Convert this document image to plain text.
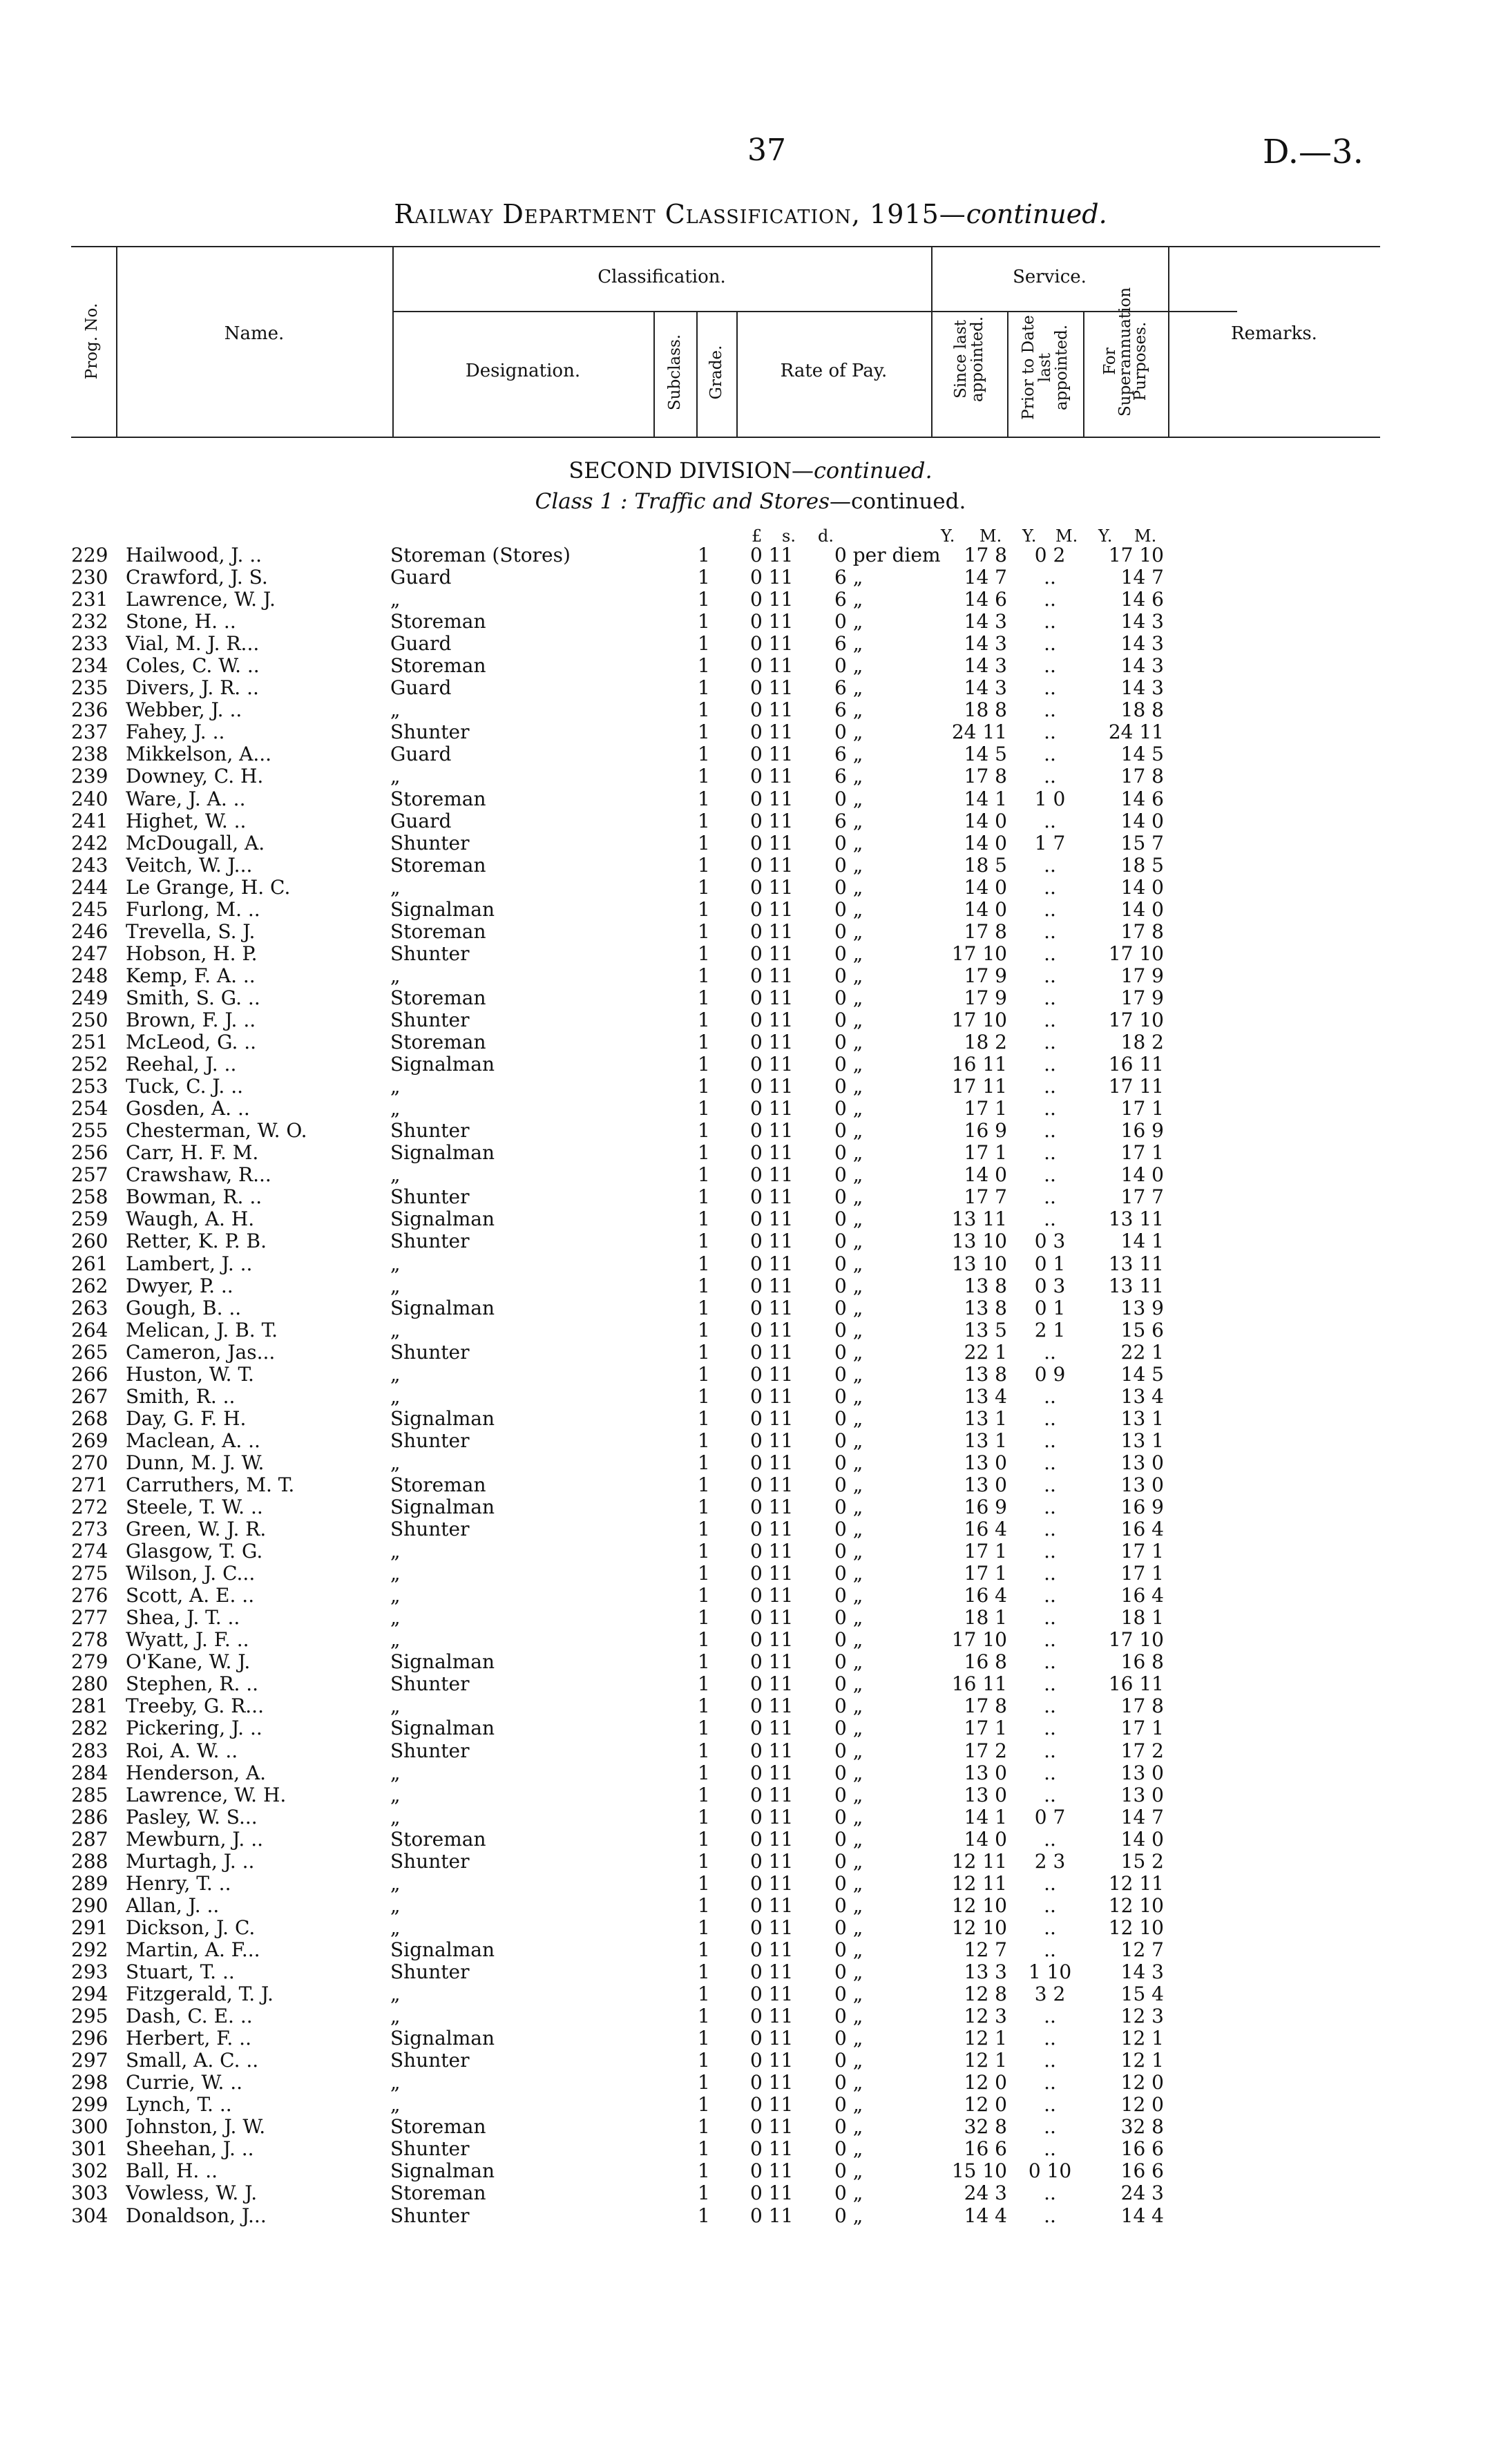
37	D.—3.
Railway Department Classification, 1915—continued.
Prog. No.	Name.
Classification.
Designation.	Subclass. Grade.	Rate of Pay.
Service.
Since last appointed. Prior to Date last appointed. For Superannuation Purposes.	Remarks.
SECOND DIVISION—continued.
Class 1 : Traffic and Stores—continued.
£ s. d.	Y. M. Y. M. Y. M.
229 Hailwood, J. ..	Storeman (Stores)	1 0 11 0 per diem	17 8	0 2	17 10
230 Crawford, J. S.	Guard	1 0 11 6 „	14 7	..	14 7
231 Lawrence, W. J.	„	1 0 11 6 „	14 6	..	14 6
232 Stone, H. ..	Storeman	1 0 11 0 „	14 3	..	14 3
233 Vial, M. J. R...	Guard	1 0 11 6 „	14 3	..	14 3
234 Coles, C. W. ..	Storeman	1 0 11 0 „	14 3	..	14 3
235 Divers, J. R. ..	Guard	1 0 11 6 „	14 3	..	14 3
236 Webber, J. ..	„	1 0 11 6 „	18 8	..	18 8
237 Fahey, J. ..	Shunter	1 0 11 0 „	24 11	..	24 11
238 Mikkelson, A...	Guard	1 0 11 6 „	14 5	..	14 5
239 Downey, C. H.	„	1 0 11 6 „	17 8	..	17 8
240 Ware, J. A. ..	Storeman	1 0 11 0 „	14 1	1 0	14 6
241 Highet, W. ..	Guard	1 0 11 6 „	14 0	..	14 0
242 McDougall, A.	Shunter	1 0 11 0 „	14 0	1 7	15 7
243 Veitch, W. J...	Storeman	1 0 11 0 „	18 5	..	18 5
244 Le Grange, H. C.	„	1 0 11 0 „	14 0	..	14 0
245 Furlong, M. ..	Signalman	1 0 11 0 „	14 0	..	14 0
246 Trevella, S. J.	Storeman	1 0 11 0 „	17 8	..	17 8
247 Hobson, H. P.	Shunter	1 0 11 0 „	17 10	..	17 10
248 Kemp, F. A. ..	„	1 0 11 0 „	17 9	..	17 9
249 Smith, S. G. ..	Storeman	1 0 11 0 „	17 9	..	17 9
250 Brown, F. J. ..	Shunter	1 0 11 0 „	17 10	..	17 10
251 McLeod, G. ..	Storeman	1 0 11 0 „	18 2	..	18 2
252 Reehal, J. ..	Signalman	1 0 11 0 „	16 11	..	16 11
253 Tuck, C. J. ..	„	1 0 11 0 „	17 11	..	17 11
254 Gosden, A. ..	„	1 0 11 0 „	17 1	..	17 1
255 Chesterman, W. O.	Shunter	1 0 11 0 „	16 9	..	16 9
256 Carr, H. F. M.	Signalman	1 0 11 0 „	17 1	..	17 1
257 Crawshaw, R...	„	1 0 11 0 „	14 0	..	14 0
258 Bowman, R. ..	Shunter	1 0 11 0 „	17 7	..	17 7
259 Waugh, A. H.	Signalman	1 0 11 0 „	13 11	..	13 11
260 Retter, K. P. B.	Shunter	1 0 11 0 „	13 10	0 3	14 1
261 Lambert, J. ..	„	1 0 11 0 „	13 10	0 1	13 11
262 Dwyer, P. ..	„	1 0 11 0 „	13 8	0 3	13 11
263 Gough, B. ..	Signalman	1 0 11 0 „	13 8	0 1	13 9
264 Melican, J. B. T.	„	1 0 11 0 „	13 5	2 1	15 6
265 Cameron, Jas...	Shunter	1 0 11 0 „	22 1	..	22 1
266 Huston, W. T.	„	1 0 11 0 „	13 8	0 9	14 5
267 Smith, R. ..	„	1 0 11 0 „	13 4	..	13 4
268 Day, G. F. H.	Signalman	1 0 11 0 „	13 1	..	13 1
269 Maclean, A. ..	Shunter	1 0 11 0 „	13 1	..	13 1
270 Dunn, M. J. W.	„	1 0 11 0 „	13 0	..	13 0
271 Carruthers, M. T.	Storeman	1 0 11 0 „	13 0	..	13 0
272 Steele, T. W. ..	Signalman	1 0 11 0 „	16 9	..	16 9
273 Green, W. J. R.	Shunter	1 0 11 0 „	16 4	..	16 4
274 Glasgow, T. G.	„	1 0 11 0 „	17 1	..	17 1
275 Wilson, J. C...	„	1 0 11 0 „	17 1	..	17 1
276 Scott, A. E. ..	„	1 0 11 0 „	16 4	..	16 4
277 Shea, J. T. ..	„	1 0 11 0 „	18 1	..	18 1
278 Wyatt, J. F. ..	„	1 0 11 0 „	17 10	..	17 10
279 O'Kane, W. J.	Signalman	1 0 11 0 „	16 8	..	16 8
280 Stephen, R. ..	Shunter	1 0 11 0 „	16 11	..	16 11
281 Treeby, G. R...	„	1 0 11 0 „	17 8	..	17 8
282 Pickering, J. ..	Signalman	1 0 11 0 „	17 1	..	17 1
283 Roi, A. W. ..	Shunter	1 0 11 0 „	17 2	..	17 2
284 Henderson, A.	„	1 0 11 0 „	13 0	..	13 0
285 Lawrence, W. H.	„	1 0 11 0 „	13 0	..	13 0
286 Pasley, W. S...	„	1 0 11 0 „	14 1	0 7	14 7
287 Mewburn, J. ..	Storeman	1 0 11 0 „	14 0	..	14 0
288 Murtagh, J. ..	Shunter	1 0 11 0 „	12 11	2 3	15 2
289 Henry, T. ..	„	1 0 11 0 „	12 11	..	12 11
290 Allan, J. ..	„	1 0 11 0 „	12 10	..	12 10
291 Dickson, J. C.	„	1 0 11 0 „	12 10	..	12 10
292 Martin, A. F...	Signalman	1 0 11 0 „	12 7	..	12 7
293 Stuart, T. ..	Shunter	1 0 11 0 „	13 3	1 10	14 3
294 Fitzgerald, T. J.	„	1 0 11 0 „	12 8	3 2	15 4
295 Dash, C. E. ..	„	1 0 11 0 „	12 3	..	12 3
296 Herbert, F. ..	Signalman	1 0 11 0 „	12 1	..	12 1
297 Small, A. C. ..	Shunter	1 0 11 0 „	12 1	..	12 1
298 Currie, W. ..	„	1 0 11 0 „	12 0	..	12 0
299 Lynch, T. ..	„	1 0 11 0 „	12 0	..	12 0
300 Johnston, J. W.	Storeman	1 0 11 0 „	32 8	..	32 8
301 Sheehan, J. ..	Shunter	1 0 11 0 „	16 6	..	16 6
302 Ball, H. ..	Signalman	1 0 11 0 „	15 10	0 10	16 6
303 Vowless, W. J.	Storeman	1 0 11 0 „	24 3	..	24 3
304 Donaldson, J...	Shunter	1 0 11 0 „	14 4	..	14 4
